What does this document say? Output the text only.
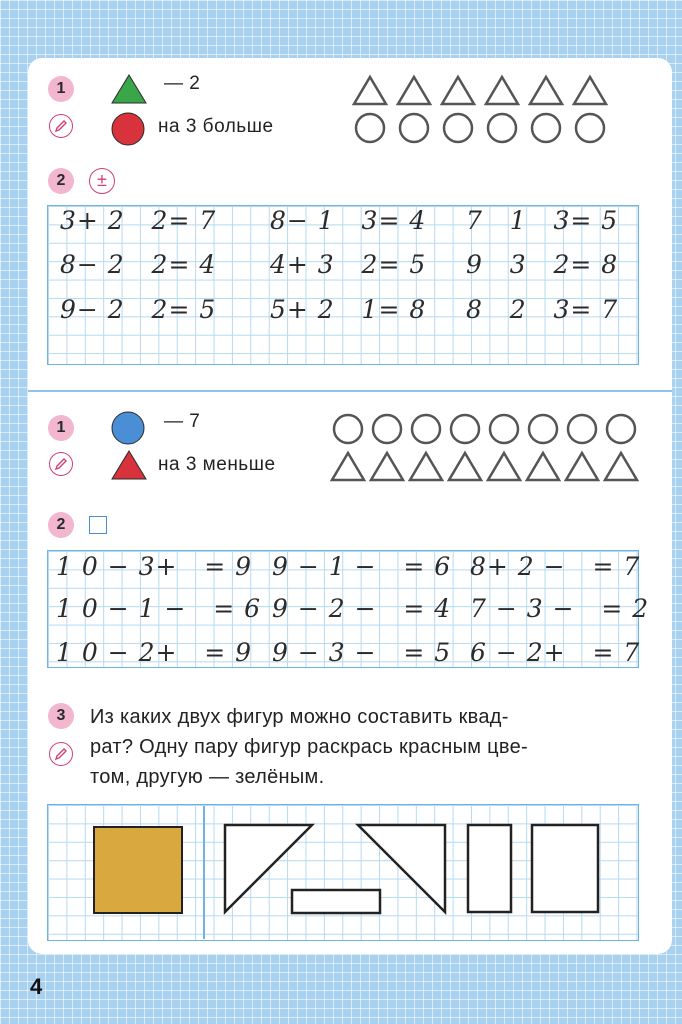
1	— 2
на 3 больше
2	±
3+ 2   2= 7 8− 1   3= 4 7   1   3= 5
8− 2   2= 4 4+ 3   2= 5 9   3   2= 8
9− 2   2= 5 5+ 2   1= 8 8   2   3= 7
1	— 7
на 3 меньше
2
1 0 − 3+   = 9 9 − 1 −   = 6 8+ 2 −   = 7
1 0 − 1 −   = 6 9 − 2 −   = 4 7 − 3 −   = 2
1 0 − 2+   = 9 9 − 3 −   = 5 6 − 2+   = 7
3	Из каких двух фигур можно составить квад-
рат? Одну пару фигур раскрась красным цве-
том, другую — зелёным.
4
